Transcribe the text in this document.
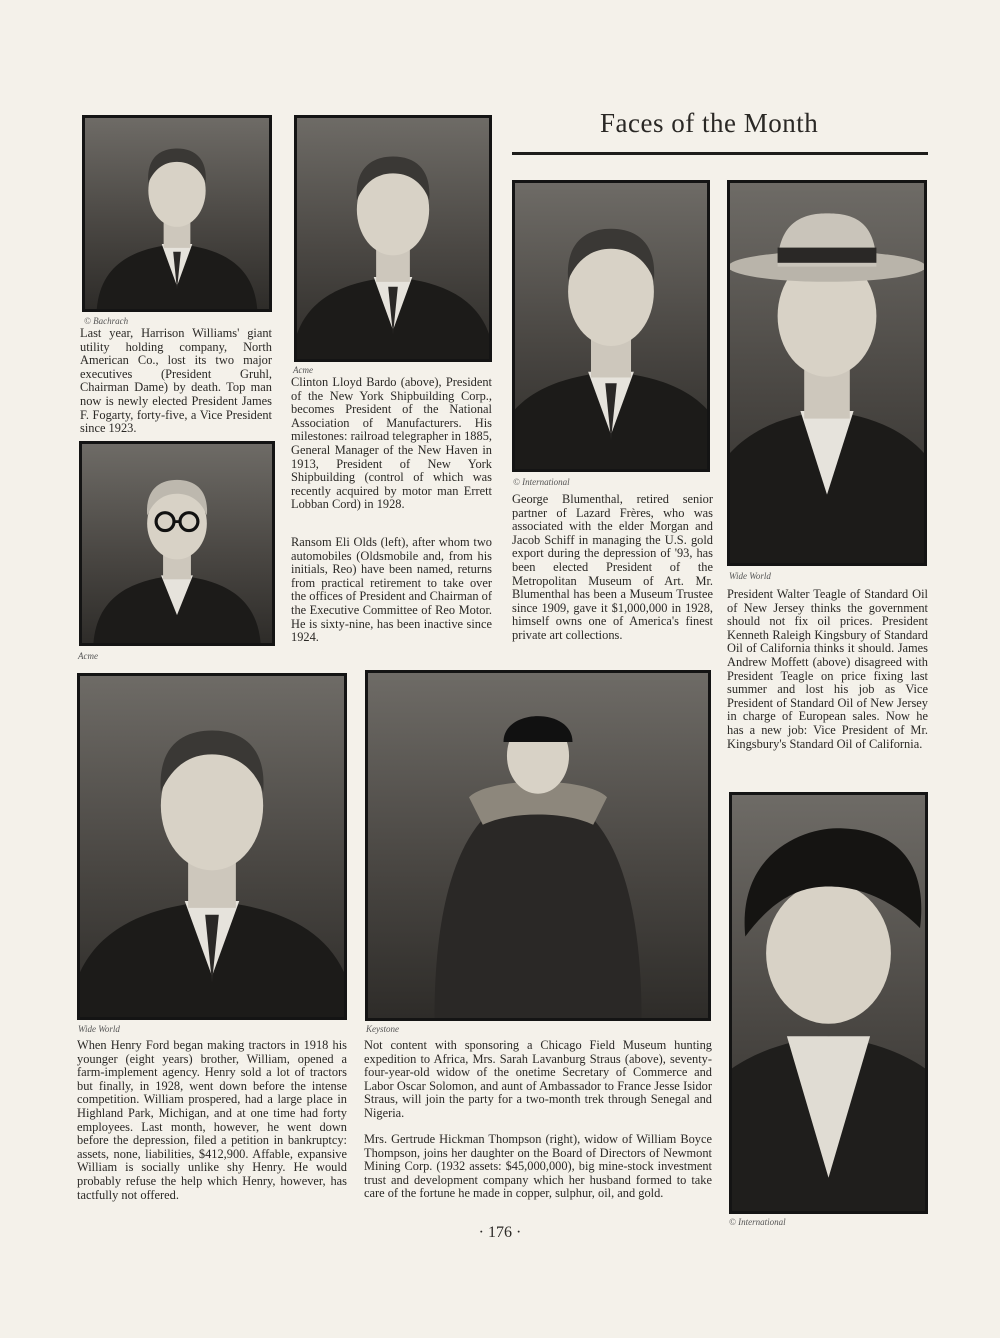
Faces of the Month
© Bachrach

Last year, Harrison Williams' giant utility holding company, North American Co., lost its two major executives (President Gruhl, Chairman Dame) by death. Top man now is newly elected President James F. Fogarty, forty-five, a Vice President since 1923.

Acme

Clinton Lloyd Bardo (above), President of the New York Shipbuilding Corp., becomes President of the National Association of Manufacturers. His milestones: railroad telegrapher in 1885, General Manager of the New Haven in 1913, President of New York Shipbuilding (control of which was recently acquired by motor man Errett Lobban Cord) in 1928.

© International

George Blumenthal, retired senior partner of Lazard Frères, who was associated with the elder Morgan and Jacob Schiff in managing the U.S. gold export during the depression of '93, has been elected President of the Metropolitan Museum of Art. Mr. Blumenthal has been a Museum Trustee since 1909, gave it $1,000,000 in 1928, himself owns one of America's finest private art collections.

Wide World

President Walter Teagle of Standard Oil of New Jersey thinks the government should not fix oil prices. President Kenneth Raleigh Kingsbury of Standard Oil of California thinks it should. James Andrew Moffett (above) disagreed with President Teagle on price fixing last summer and lost his job as Vice President of Standard Oil of New Jersey in charge of European sales. Now he has a new job: Vice President of Mr. Kingsbury's Standard Oil of California.

Acme

Ransom Eli Olds (left), after whom two automobiles (Oldsmobile and, from his initials, Reo) have been named, returns from practical retirement to take over the offices of President and Chairman of the Executive Committee of Reo Motor. He is sixty-nine, has been inactive since 1924.

Wide World

When Henry Ford began making tractors in 1918 his younger (eight years) brother, William, opened a farm-implement agency. Henry sold a lot of tractors but finally, in 1928, went down before the intense competition. William prospered, had a large place in Highland Park, Michigan, and at one time had forty employees. Last month, however, he went down before the depression, filed a petition in bankruptcy: assets, none, liabilities, $412,900. Affable, expansive William is socially unlike shy Henry. He would probably refuse the help which Henry, however, has tactfully not offered.

Keystone

Not content with sponsoring a Chicago Field Museum hunting expedition to Africa, Mrs. Sarah Lavanburg Straus (above), seventy-four-year-old widow of the onetime Secretary of Commerce and Labor Oscar Solomon, and aunt of Ambassador to France Jesse Isidor Straus, will join the party for a two-month trek through Senegal and Nigeria.

Mrs. Gertrude Hickman Thompson (right), widow of William Boyce Thompson, joins her daughter on the Board of Directors of Newmont Mining Corp. (1932 assets: $45,000,000), big mine-stock investment trust and development company which her husband formed to take care of the fortune he made in copper, sulphur, oil, and gold.

© International
· 176 ·
